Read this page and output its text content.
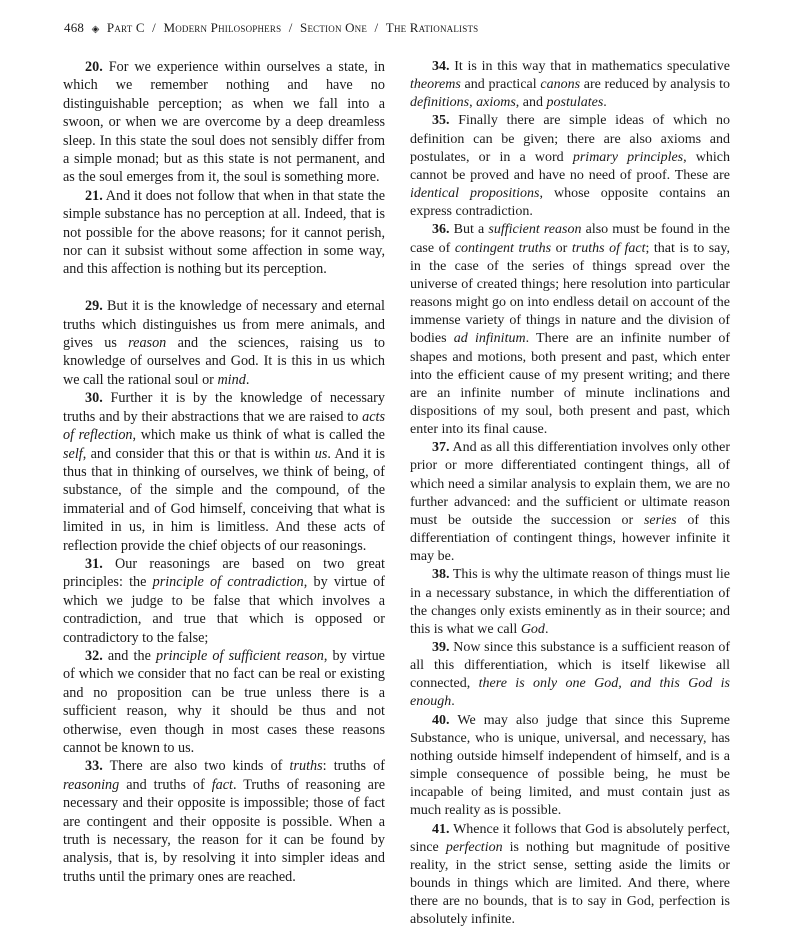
468 ◈ Part C / Modern Philosophers / Section One / The Rationalists

20. For we experience within ourselves a state, in which we remember nothing and have no distinguishable perception; as when we fall into a swoon, or when we are overcome by a deep dreamless sleep. In this state the soul does not sensibly differ from a simple monad; but as this state is not permanent, and as the soul emerges from it, the soul is something more.

21. And it does not follow that when in that state the simple substance has no perception at all. Indeed, that is not possible for the above reasons; for it cannot perish, nor can it subsist without some affection in some way, and this affection is nothing but its perception.

29. But it is the knowledge of necessary and eternal truths which distinguishes us from mere animals, and gives us reason and the sciences, raising us to knowledge of ourselves and God. It is this in us which we call the rational soul or mind.

30. Further it is by the knowledge of necessary truths and by their abstractions that we are raised to acts of reflection, which make us think of what is called the self, and consider that this or that is within us. And it is thus that in thinking of ourselves, we think of being, of substance, of the simple and the compound, of the immaterial and of God himself, conceiving that what is limited in us, in him is limitless. And these acts of reflection provide the chief objects of our reasonings.

31. Our reasonings are based on two great principles: the principle of contradiction, by virtue of which we judge to be false that which involves a contradiction, and true that which is opposed or contradictory to the false;

32. and the principle of sufficient reason, by virtue of which we consider that no fact can be real or existing and no proposition can be true unless there is a sufficient reason, why it should be thus and not otherwise, even though in most cases these reasons cannot be known to us.

33. There are also two kinds of truths: truths of reasoning and truths of fact. Truths of reasoning are necessary and their opposite is impossible; those of fact are contingent and their opposite is possible. When a truth is necessary, the reason for it can be found by analysis, that is, by resolving it into simpler ideas and truths until the primary ones are reached.

34. It is in this way that in mathematics speculative theorems and practical canons are reduced by analysis to definitions, axioms, and postulates.

35. Finally there are simple ideas of which no definition can be given; there are also axioms and postulates, or in a word primary principles, which cannot be proved and have no need of proof. These are identical propositions, whose opposite contains an express contradiction.

36. But a sufficient reason also must be found in the case of contingent truths or truths of fact; that is to say, in the case of the series of things spread over the universe of created things; here resolution into particular reasons might go on into endless detail on account of the immense variety of things in nature and the division of bodies ad infinitum. There are an infinite number of shapes and motions, both present and past, which enter into the efficient cause of my present writing; and there are an infinite number of minute inclinations and dispositions of my soul, both present and past, which enter into its final cause.

37. And as all this differentiation involves only other prior or more differentiated contingent things, all of which need a similar analysis to explain them, we are no further advanced: and the sufficient or ultimate reason must be outside the succession or series of this differentiation of contingent things, however infinite it may be.

38. This is why the ultimate reason of things must lie in a necessary substance, in which the differentiation of the changes only exists eminently as in their source; and this is what we call God.

39. Now since this substance is a sufficient reason of all this differentiation, which is itself likewise all connected, there is only one God, and this God is enough.

40. We may also judge that since this Supreme Substance, who is unique, universal, and necessary, has nothing outside himself independent of himself, and is a simple consequence of possible being, he must be incapable of being limited, and must contain just as much reality as is possible.

41. Whence it follows that God is absolutely perfect, since perfection is nothing but magnitude of positive reality, in the strict sense, setting aside the limits or bounds in things which are limited. And there, where there are no bounds, that is to say in God, perfection is absolutely infinite.
